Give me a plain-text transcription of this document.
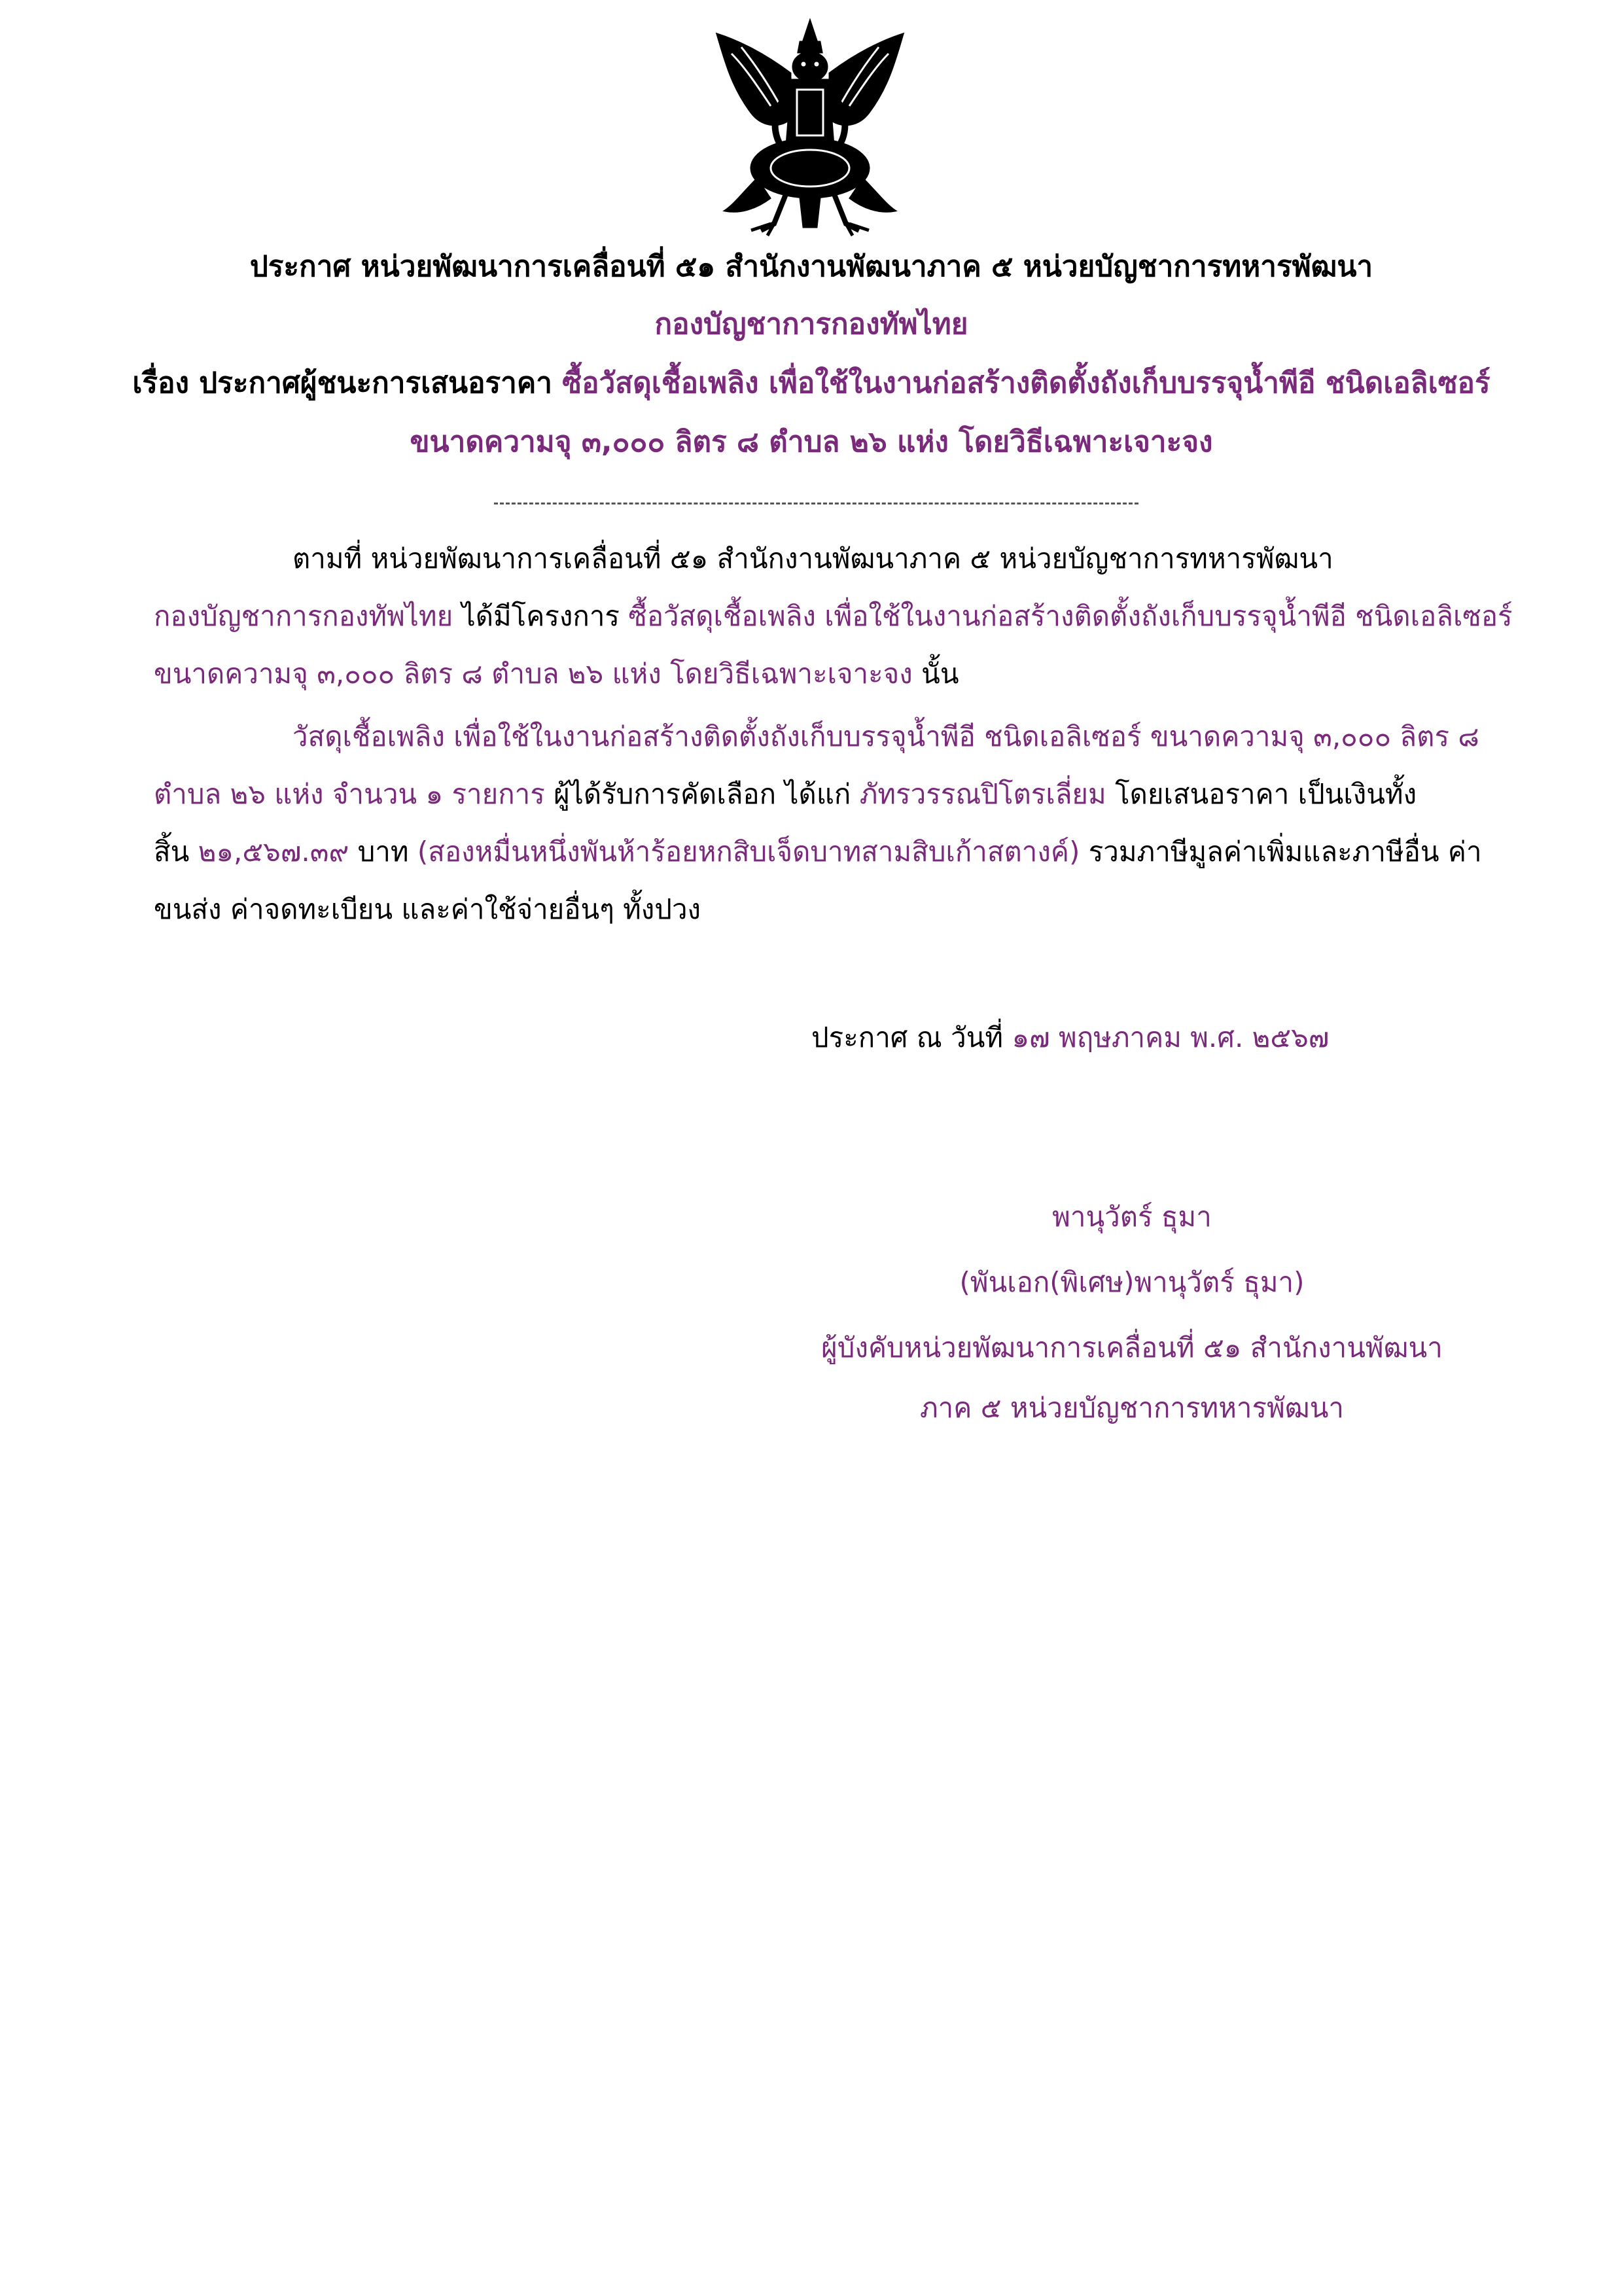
ประกาศ หน่วยพัฒนาการเคลื่อนที่ ๕๑ สำนักงานพัฒนาภาค ๕ หน่วยบัญชาการทหารพัฒนา
กองบัญชาการกองทัพไทย
เรื่อง ประกาศผู้ชนะการเสนอราคา ซื้อวัสดุเชื้อเพลิง เพื่อใช้ในงานก่อสร้างติดตั้งถังเก็บบรรจุน้ำพีอี ชนิดเอลิเซอร์
ขนาดความจุ ๓,๐๐๐ ลิตร ๘ ตำบล ๒๖ แห่ง โดยวิธีเฉพาะเจาะจง
ตามที่ หน่วยพัฒนาการเคลื่อนที่ ๕๑ สำนักงานพัฒนาภาค ๕ หน่วยบัญชาการทหารพัฒนา
กองบัญชาการกองทัพไทย ได้มีโครงการ ซื้อวัสดุเชื้อเพลิง เพื่อใช้ในงานก่อสร้างติดตั้งถังเก็บบรรจุน้ำพีอี ชนิดเอลิเซอร์
ขนาดความจุ ๓,๐๐๐ ลิตร ๘ ตำบล ๒๖ แห่ง โดยวิธีเฉพาะเจาะจง นั้น
วัสดุเชื้อเพลิง เพื่อใช้ในงานก่อสร้างติดตั้งถังเก็บบรรจุน้ำพีอี ชนิดเอลิเซอร์ ขนาดความจุ ๓,๐๐๐ ลิตร ๘
ตำบล ๒๖ แห่ง จำนวน ๑ รายการ ผู้ได้รับการคัดเลือก ได้แก่ ภัทรวรรณปิโตรเลี่ยม โดยเสนอราคา เป็นเงินทั้ง
สิ้น ๒๑,๕๖๗.๓๙ บาท (สองหมื่นหนึ่งพันห้าร้อยหกสิบเจ็ดบาทสามสิบเก้าสตางค์) รวมภาษีมูลค่าเพิ่มและภาษีอื่น ค่า
ขนส่ง ค่าจดทะเบียน และค่าใช้จ่ายอื่นๆ ทั้งปวง
ประกาศ ณ วันที่ ๑๗ พฤษภาคม พ.ศ. ๒๕๖๗
พานุวัตร์ ธุมา
(พันเอก(พิเศษ)พานุวัตร์ ธุมา)
ผู้บังคับหน่วยพัฒนาการเคลื่อนที่ ๕๑ สำนักงานพัฒนา
ภาค ๕ หน่วยบัญชาการทหารพัฒนา
